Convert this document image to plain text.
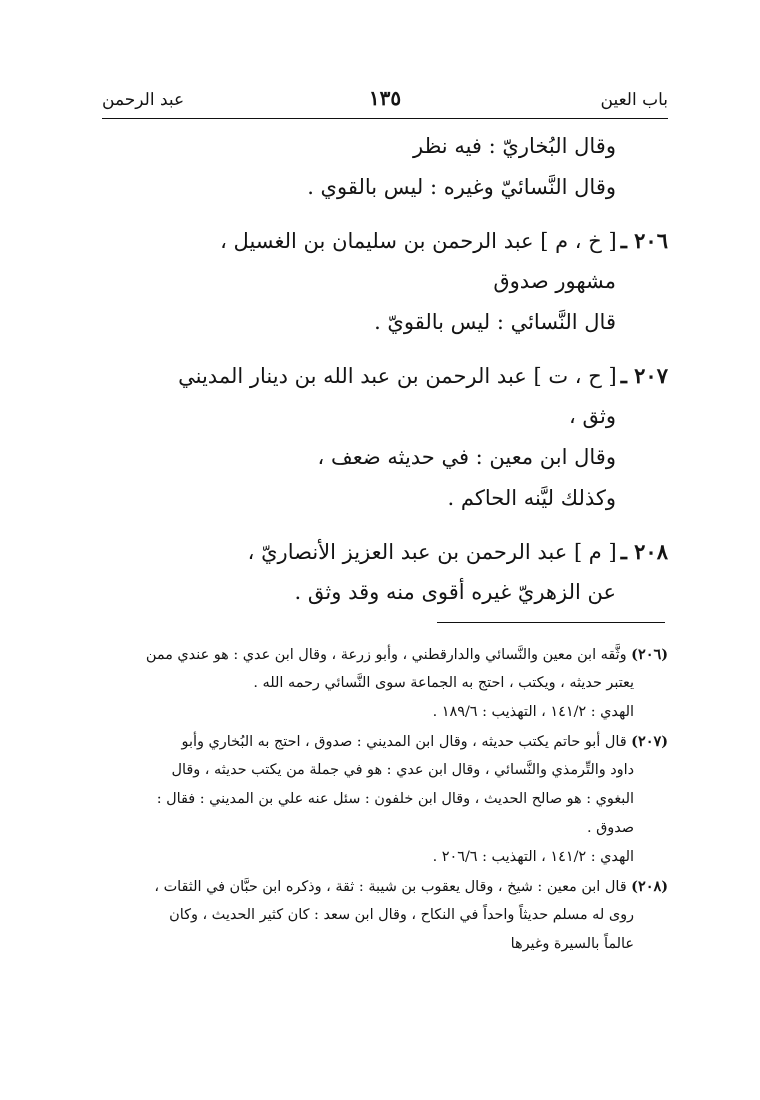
باب العين
١٣٥
عبد الرحمن
وقال البُخاريّ : فيه نظر
وقال النَّسائيّ وغيره : ليس بالقوي .
٢٠٦ ـ[ خ ، م ] عبد الرحمن بن سليمان بن الغسيل ،
مشهور صدوق
قال النَّسائي : ليس بالقويّ .
٢٠٧ ـ[ ح ، ت ] عبد الرحمن بن عبد الله بن دينار المديني
وثق ،
وقال ابن معين : في حديثه ضعف ،
وكذلك ليَّنه الحاكم .
٢٠٨ ـ[ م ] عبد الرحمن بن عبد العزيز الأنصاريّ ،
عن الزهريّ غيره أقوى منه وقد وثق .
(٢٠٦) وثَّقه ابن معين والنَّسائي والدارقطني ، وأبو زرعة ، وقال ابن عدي : هو عندي ممن
يعتبر حديثه ، ويكتب ، احتج به الجماعة سوى النَّسائي رحمه الله .
الهدي : ١٤١/٢ ، التهذيب : ١٨٩/٦ .
(٢٠٧) قال أبو حاتم يكتب حديثه ، وقال ابن المديني : صدوق ، احتج به البُخاري وأبو
داود والتِّرمذي والنَّسائي ، وقال ابن عدي : هو في جملة من يكتب حديثه ، وقال
البغوي : هو صالح الحديث ، وقال ابن خلفون : سئل عنه علي بن المديني : فقال :
صدوق .
الهدي : ١٤١/٢ ، التهذيب : ٢٠٦/٦ .
(٢٠٨) قال ابن معين : شيخ ، وقال يعقوب بن شيبة : ثقة ، وذكره ابن حبَّان في الثقات ،
روى له مسلم حديثاً واحداً في النكاح ، وقال ابن سعد : كان كثير الحديث ، وكان
عالماً بالسيرة وغيرها
